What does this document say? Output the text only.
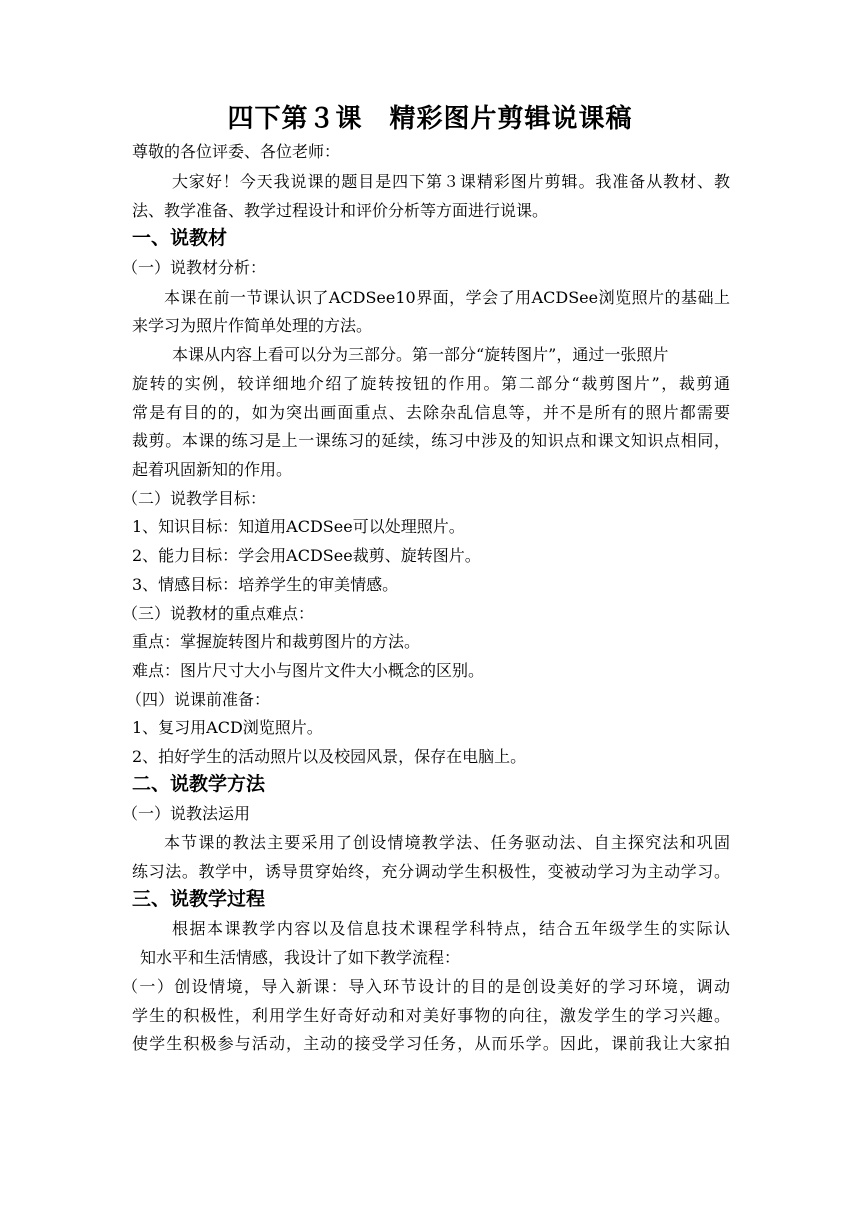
四下第３课　精彩图片剪辑说课稿
尊敬的各位评委、各位老师：
大家好！今天我说课的题目是四下第３课精彩图片剪辑。我准备从教材、教
法、教学准备、教学过程设计和评价分析等方面进行说课。
一、说教材
（一）说教材分析：
本课在前一节课认识了ACDSee10界面，学会了用ACDSee浏览照片的基础上
来学习为照片作简单处理的方法。
本课从内容上看可以分为三部分。第一部分“旋转图片”，通过一张照片
旋转的实例，较详细地介绍了旋转按钮的作用。第二部分“裁剪图片”，裁剪通
常是有目的的，如为突出画面重点、去除杂乱信息等，并不是所有的照片都需要
裁剪。本课的练习是上一课练习的延续，练习中涉及的知识点和课文知识点相同，
起着巩固新知的作用。
（二）说教学目标：
1、知识目标：知道用ACDSee可以处理照片。
2、能力目标：学会用ACDSee裁剪、旋转图片。
3、情感目标：培养学生的审美情感。
（三）说教材的重点难点：
重点：掌握旋转图片和裁剪图片的方法。
难点：图片尺寸大小与图片文件大小概念的区别。
（四）说课前准备：
1、复习用ACD浏览照片。
2、拍好学生的活动照片以及校园风景，保存在电脑上。
二、说教学方法
（一）说教法运用
本节课的教法主要采用了创设情境教学法、任务驱动法、自主探究法和巩固
练习法。教学中，诱导贯穿始终，充分调动学生积极性，变被动学习为主动学习。
三、说教学过程
根据本课教学内容以及信息技术课程学科特点，结合五年级学生的实际认
知水平和生活情感，我设计了如下教学流程：
（一）创设情境，导入新课：导入环节设计的目的是创设美好的学习环境，调动
学生的积极性，利用学生好奇好动和对美好事物的向往，激发学生的学习兴趣。
使学生积极参与活动，主动的接受学习任务，从而乐学。因此，课前我让大家拍
